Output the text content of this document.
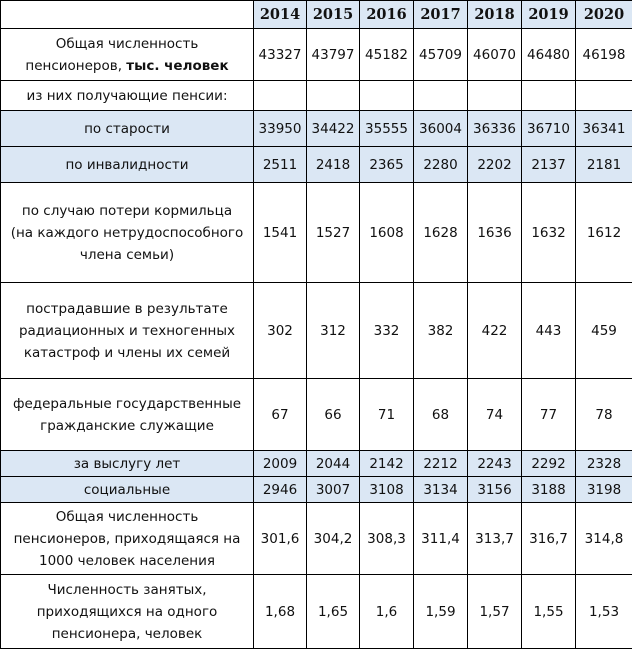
	2014	2015	2016	2017	2018	2019	2020
Общая численность
пенсионеров, тыс. человек	43327	43797	45182	45709	46070	46480	46198
из них получающие пенсии:							
по старости	33950	34422	35555	36004	36336	36710	36341
по инвалидности	2511	2418	2365	2280	2202	2137	2181
по случаю потери кормильца
(на каждого нетрудоспособного
члена семьи)	1541	1527	1608	1628	1636	1632	1612
пострадавшие в результате
радиационных и техногенных
катастроф и члены их семей	302	312	332	382	422	443	459
федеральные государственные
гражданские служащие	67	66	71	68	74	77	78
за выслугу лет	2009	2044	2142	2212	2243	2292	2328
социальные	2946	3007	3108	3134	3156	3188	3198
Общая численность
пенсионеров, приходящаяся на
1000 человек населения	301,6	304,2	308,3	311,4	313,7	316,7	314,8
Численность занятых,
приходящихся на одного
пенсионера, человек	1,68	1,65	1,6	1,59	1,57	1,55	1,53
